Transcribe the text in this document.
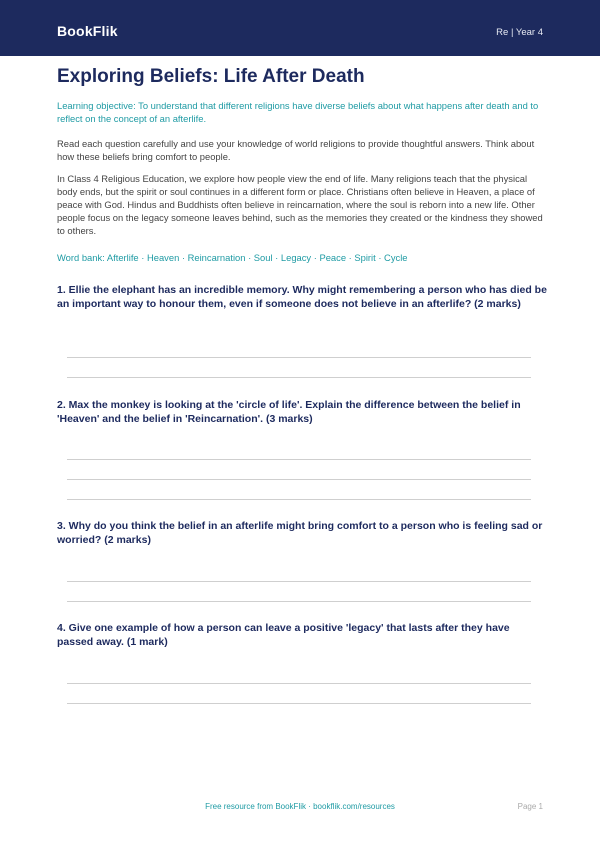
BookFlik	Re | Year 4
Exploring Beliefs: Life After Death

Learning objective: To understand that different religions have diverse beliefs about what happens after death and to reflect on the concept of an afterlife.

Read each question carefully and use your knowledge of world religions to provide thoughtful answers. Think about how these beliefs bring comfort to people.

In Class 4 Religious Education, we explore how people view the end of life. Many religions teach that the physical body ends, but the spirit or soul continues in a different form or place. Christians often believe in Heaven, a place of peace with God. Hindus and Buddhists often believe in reincarnation, where the soul is reborn into a new life. Other people focus on the legacy someone leaves behind, such as the memories they created or the kindness they showed to others.

Word bank: Afterlife · Heaven · Reincarnation · Soul · Legacy · Peace · Spirit · Cycle

1. Ellie the elephant has an incredible memory. Why might remembering a person who has died be an important way to honour them, even if someone does not believe in an afterlife? (2 marks)

2. Max the monkey is looking at the 'circle of life'. Explain the difference between the belief in 'Heaven' and the belief in 'Reincarnation'. (3 marks)

3. Why do you think the belief in an afterlife might bring comfort to a person who is feeling sad or worried? (2 marks)

4. Give one example of how a person can leave a positive 'legacy' that lasts after they have passed away. (1 mark)

Free resource from BookFlik · bookflik.com/resources	Page 1
